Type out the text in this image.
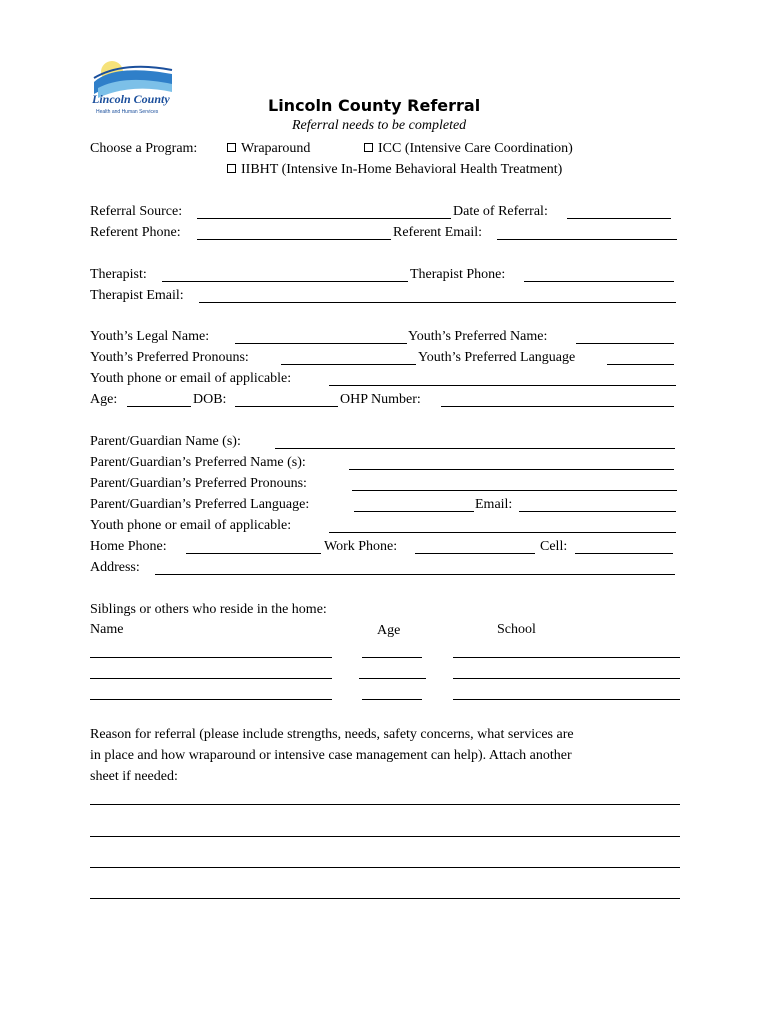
Lincoln County
Health and Human Services	Lincoln County Referral
Referral needs to be completed
Choose a Program:	Wraparound	ICC (Intensive Care Coordination)
IIBHT (Intensive In-Home Behavioral Health Treatment)
Referral Source:	Date of Referral:
Referent Phone:	Referent Email:
Therapist:	Therapist Phone:
Therapist Email:
Youth’s Legal Name:	Youth’s Preferred Name:
Youth’s Preferred Pronouns:	Youth’s Preferred Language
Youth phone or email of applicable:
Age:	DOB:	OHP Number:
Parent/Guardian Name (s):
Parent/Guardian’s Preferred Name (s):
Parent/Guardian’s Preferred Pronouns:
Parent/Guardian’s Preferred Language:	Email:
Youth phone or email of applicable:
Home Phone:	Work Phone:	Cell:
Address:
Siblings or others who reside in the home:
Name	Age	School
Reason for referral (please include strengths, needs, safety concerns, what services are
in place and how wraparound or intensive case management can help). Attach another
sheet if needed:
